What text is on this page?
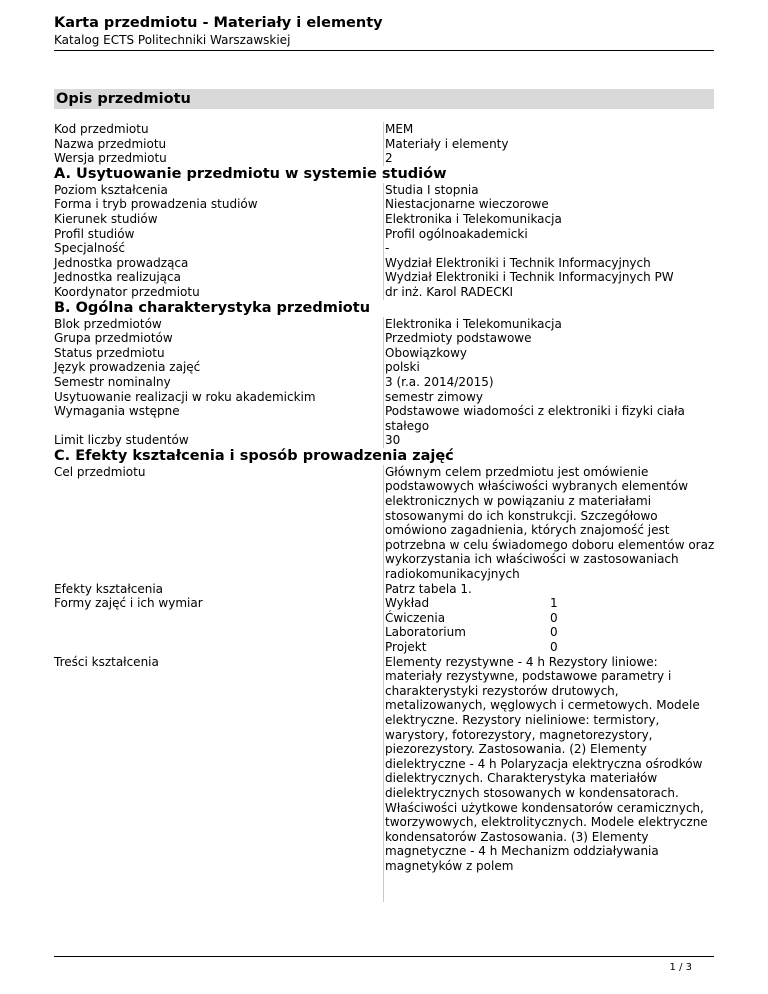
Karta przedmiotu - Materiały i elementy
Katalog ECTS Politechniki Warszawskiej
Opis przedmiotu
Kod przedmiotu	MEM
Nazwa przedmiotu	Materiały i elementy
Wersja przedmiotu	2
A. Usytuowanie przedmiotu w systemie studiów
Poziom kształcenia	Studia I stopnia
Forma i tryb prowadzenia studiów	Niestacjonarne wieczorowe
Kierunek studiów	Elektronika i Telekomunikacja
Profil studiów	Profil ogólnoakademicki
Specjalność	-
Jednostka prowadząca	Wydział Elektroniki i Technik Informacyjnych
Jednostka realizująca	Wydział Elektroniki i Technik Informacyjnych PW
Koordynator przedmiotu	dr inż. Karol RADECKI
B. Ogólna charakterystyka przedmiotu
Blok przedmiotów	Elektronika i Telekomunikacja
Grupa przedmiotów	Przedmioty podstawowe
Status przedmiotu	Obowiązkowy
Język prowadzenia zajęć	polski
Semestr nominalny	3 (r.a. 2014/2015)
Usytuowanie realizacji w roku akademickim	semestr zimowy
Wymagania wstępne	Podstawowe wiadomości z elektroniki i fizyki ciała stałego
Limit liczby studentów	30
C. Efekty kształcenia i sposób prowadzenia zajęć
Cel przedmiotu	Głównym celem przedmiotu jest omówienie podstawowych właściwości wybranych elementów elektronicznych w powiązaniu z materiałami stosowanymi do ich konstrukcji. Szczegółowo omówiono zagadnienia, których znajomość jest potrzebna w celu świadomego doboru elementów oraz wykorzystania ich właściwości w zastosowaniach radiokomunikacyjnych
Efekty kształcenia	Patrz tabela 1.
Formy zajęć i ich wymiar	Wykład	1
Ćwiczenia	0
Laboratorium	0
Projekt	0
Treści kształcenia	Elementy rezystywne - 4 h Rezystory liniowe: materiały rezystywne, podstawowe parametry i charakterystyki rezystorów drutowych, metalizowanych, węglowych i cermetowych. Modele elektryczne. Rezystory nieliniowe: termistory, warystory, fotorezystory, magnetorezystory, piezorezystory. Zastosowania. (2) Elementy dielektryczne - 4 h Polaryzacja elektryczna ośrodków dielektrycznych. Charakterystyka materiałów dielektrycznych stosowanych w kondensatorach. Właściwości użytkowe kondensatorów ceramicznych, tworzywowych, elektrolitycznych. Modele elektryczne kondensatorów Zastosowania. (3) Elementy magnetyczne - 4 h Mechanizm oddziaływania magnetyków z polem
1 / 3
